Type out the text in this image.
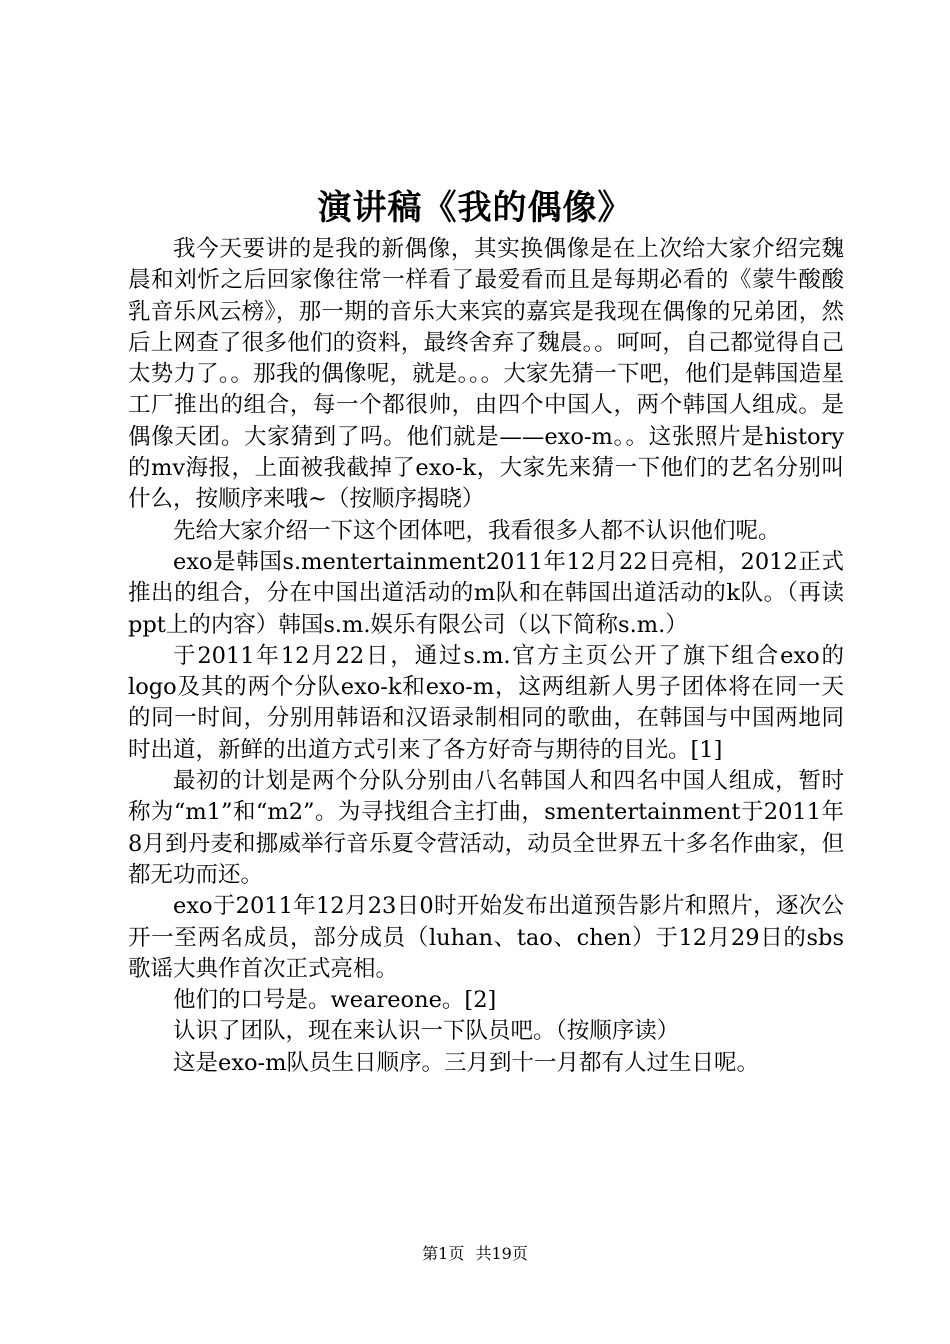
演讲稿《我的偶像》

我今天要讲的是我的新偶像，其实换偶像是在上次给大家介绍完魏晨和刘忻之后回家像往常一样看了最爱看而且是每期必看的《蒙牛酸酸乳音乐风云榜》，那一期的音乐大来宾的嘉宾是我现在偶像的兄弟团，然后上网查了很多他们的资料，最终舍弃了魏晨。。呵呵，自己都觉得自己太势力了。。那我的偶像呢，就是。。。大家先猜一下吧，他们是韩国造星工厂推出的组合，每一个都很帅，由四个中国人，两个韩国人组成。是偶像天团。大家猜到了吗。他们就是——exo-m。。这张照片是history的mv海报，上面被我截掉了exo-k，大家先来猜一下他们的艺名分别叫什么，按顺序来哦~（按顺序揭晓）

先给大家介绍一下这个团体吧，我看很多人都不认识他们呢。

exo是韩国s.mentertainment2011年12月22日亮相，2012正式推出的组合，分在中国出道活动的m队和在韩国出道活动的k队。（再读ppt上的内容）韩国s.m.娱乐有限公司（以下简称s.m.）

于2011年12月22日，通过s.m.官方主页公开了旗下组合exo的logo及其的两个分队exo-k和exo-m，这两组新人男子团体将在同一天的同一时间，分别用韩语和汉语录制相同的歌曲，在韩国与中国两地同时出道，新鲜的出道方式引来了各方好奇与期待的目光。[1]

最初的计划是两个分队分别由八名韩国人和四名中国人组成，暂时称为“m1”和“m2”。为寻找组合主打曲，smentertainment于2011年8月到丹麦和挪威举行音乐夏令营活动，动员全世界五十多名作曲家，但都无功而还。

exo于2011年12月23日0时开始发布出道预告影片和照片，逐次公开一至两名成员，部分成员（luhan、tao、chen）于12月29日的sbs歌谣大典作首次正式亮相。

他们的口号是。weareone。[2]

认识了团队，现在来认识一下队员吧。（按顺序读）

这是exo-m队员生日顺序。三月到十一月都有人过生日呢。

第1页 共19页
